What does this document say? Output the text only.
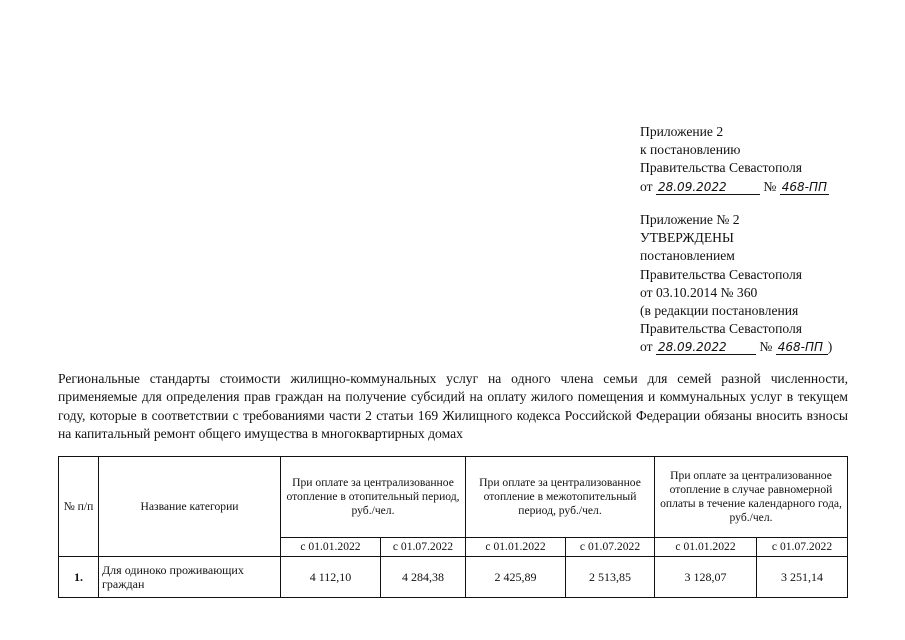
Приложение 2
к постановлению
Правительства Севастополя
от 28.09.2022	№ 468-ПП
Приложение № 2
УТВЕРЖДЕНЫ
постановлением
Правительства Севастополя
от 03.10.2014 № 360
(в редакции постановления
Правительства Севастополя
от 28.09.2022 № 468-ПП )
Региональные стандарты стоимости жилищно-коммунальных услуг на одного члена семьи для семей разной численности, применяемые для определения прав граждан на получение субсидий на оплату жилого помещения и коммунальных услуг в текущем году, которые в соответствии с требованиями части 2 статьи 169 Жилищного кодекса Российской Федерации обязаны вносить взносы на капитальный ремонт общего имущества в многоквартирных домах
№ п/п	Название категории	При оплате за централизованное отопление в отопительный период, руб./чел.		При оплате за централизованное отопление в межотопительный период, руб./чел.		При оплате за централизованное отопление в случае равномерной оплаты в течение календарного года, руб./чел.	
		с 01.01.2022	с 01.07.2022	с 01.01.2022	с 01.07.2022	с 01.01.2022	с 01.07.2022
1.	Для одиноко проживающих граждан	4 112,10	4 284,38	2 425,89	2 513,85	3 128,07	3 251,14
